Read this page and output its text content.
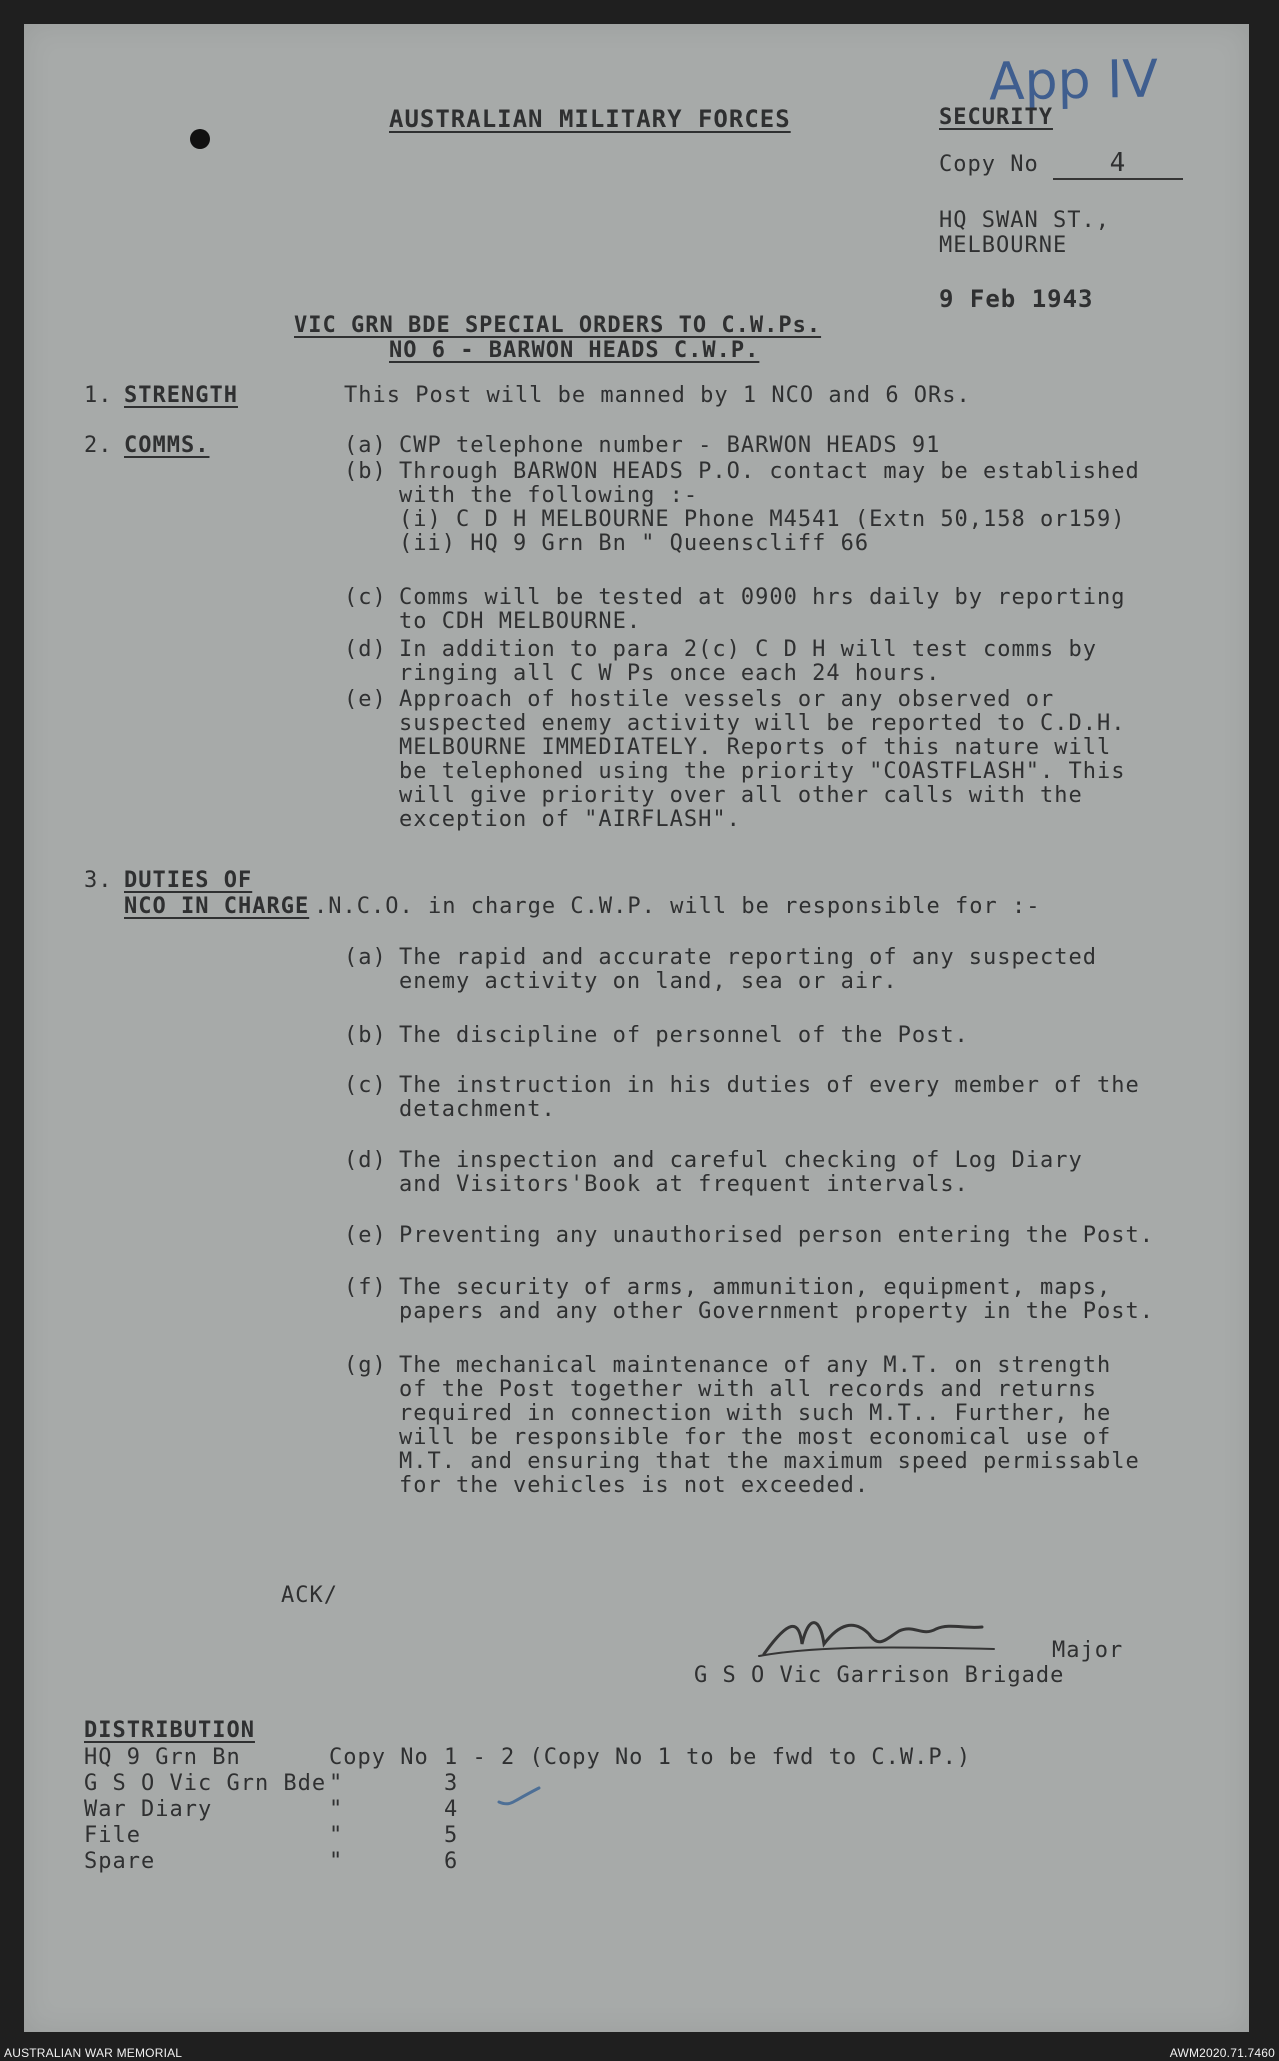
App IV
AUSTRALIAN MILITARY FORCES	SECURITY
Copy No	4
HQ SWAN ST.,
MELBOURNE
9 Feb 1943
VIC GRN BDE SPECIAL ORDERS TO C.W.Ps.
NO 6 - BARWON HEADS C.W.P.
1. STRENGTH	This Post will be manned by 1 NCO and 6 ORs.
2. COMMS.	(a) CWP telephone number - BARWON HEADS 91
(b) Through BARWON HEADS P.O. contact may be established
with the following :-
(i) C D H MELBOURNE Phone M4541 (Extn 50,158 or159)
(ii) HQ 9 Grn Bn " Queenscliff 66
(c) Comms will be tested at 0900 hrs daily by reporting
to CDH MELBOURNE.
(d) In addition to para 2(c) C D H will test comms by
ringing all C W Ps once each 24 hours.
(e) Approach of hostile vessels or any observed or
suspected enemy activity will be reported to C.D.H.
MELBOURNE IMMEDIATELY. Reports of this nature will
be telephoned using the priority "COASTFLASH". This
will give priority over all other calls with the
exception of "AIRFLASH".
3. DUTIES OF
NCO IN CHARGE .N.C.O. in charge C.W.P. will be responsible for :-
(a) The rapid and accurate reporting of any suspected
enemy activity on land, sea or air.
(b) The discipline of personnel of the Post.
(c) The instruction in his duties of every member of the
detachment.
(d) The inspection and careful checking of Log Diary
and Visitors'Book at frequent intervals.
(e) Preventing any unauthorised person entering the Post.
(f) The security of arms, ammunition, equipment, maps,
papers and any other Government property in the Post.
(g) The mechanical maintenance of any M.T. on strength
of the Post together with all records and returns
required in connection with such M.T.. Further, he
will be responsible for the most economical use of
M.T. and ensuring that the maximum speed permissable
for the vehicles is not exceeded.
ACK/
Major
G S O Vic Garrison Brigade
DISTRIBUTION
HQ 9 Grn Bn	Copy No 1 - 2 (Copy No 1 to be fwd to C.W.P.)
G S O Vic Grn Bde "	3
War Diary	"	4
File	"	5
Spare	"	6
AUSTRALIAN WAR MEMORIAL	AWM2020.71.7460
